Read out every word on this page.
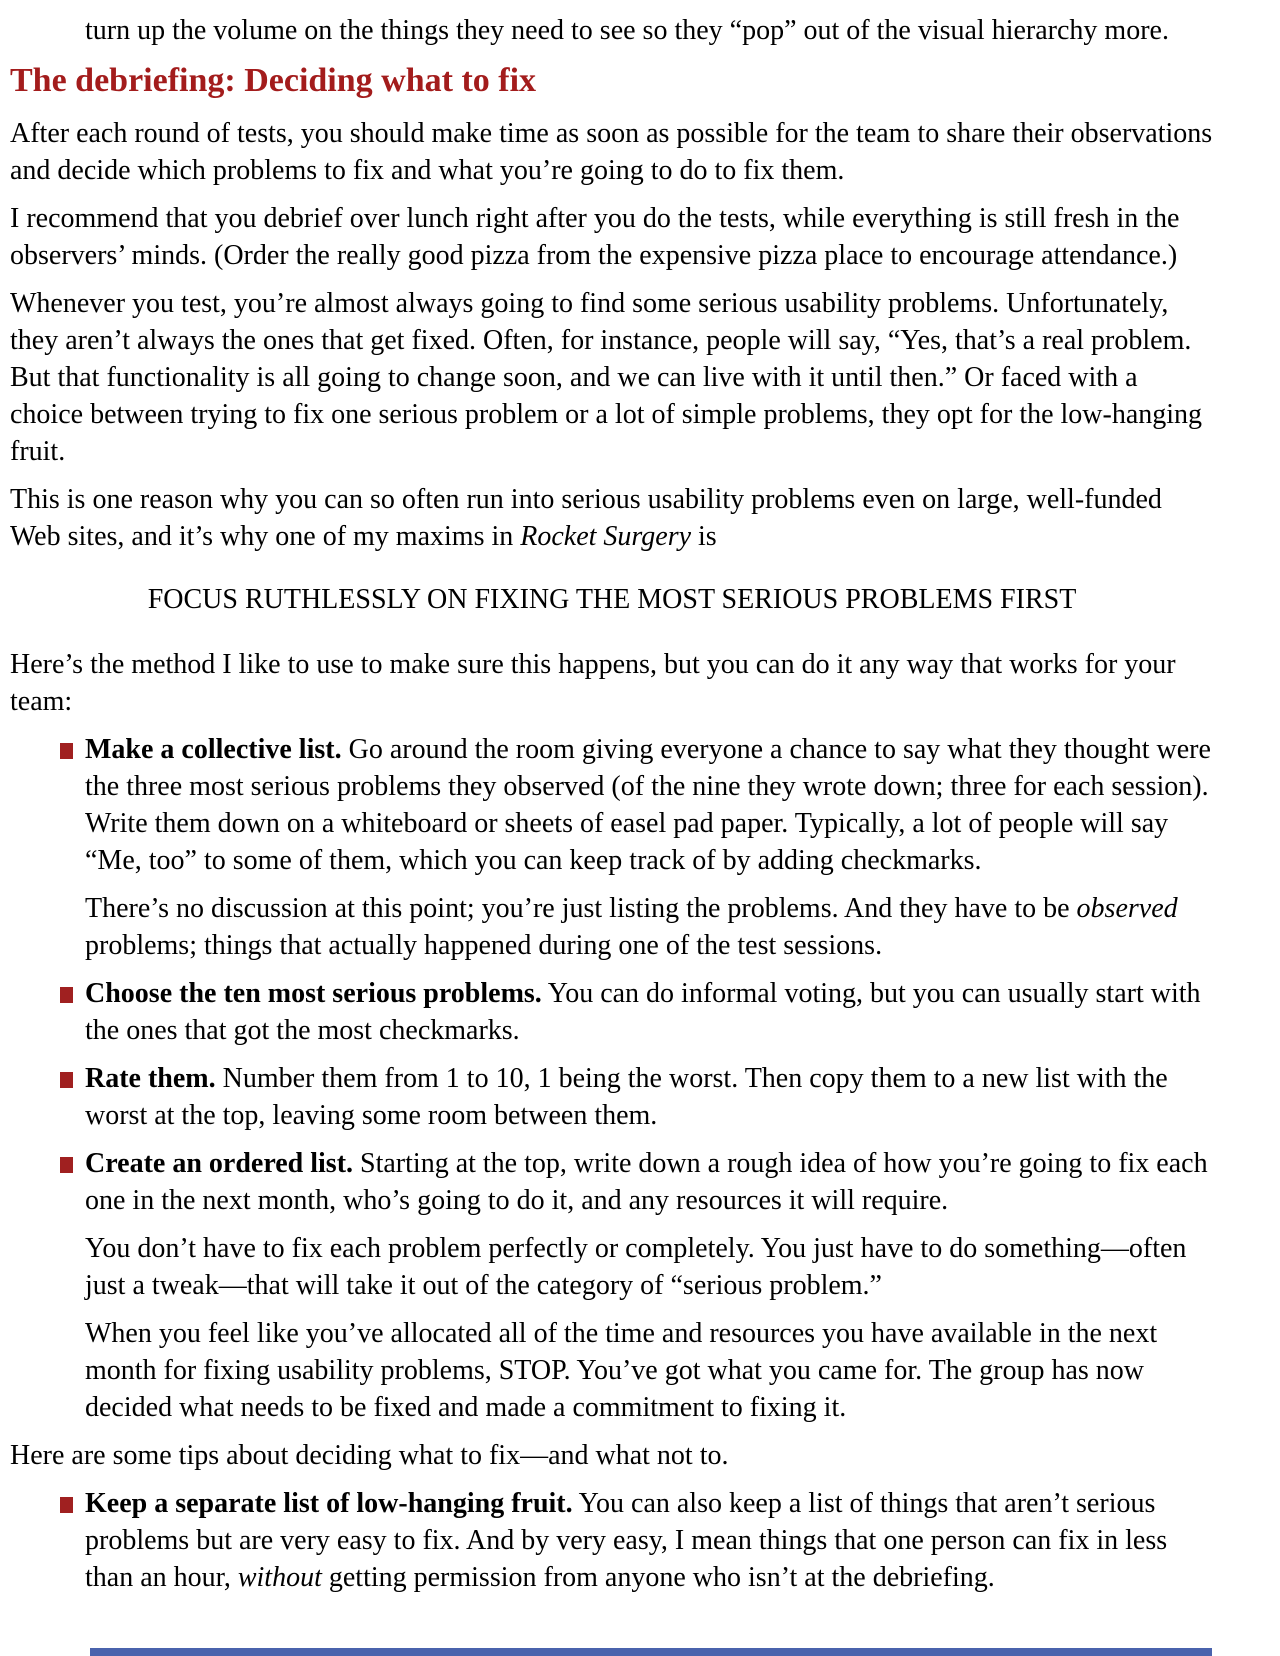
turn up the volume on the things they need to see so they “pop” out of the visual hierarchy more.
The debriefing: Deciding what to fix
After each round of tests, you should make time as soon as possible for the team to share their observations and decide which problems to fix and what you’re going to do to fix them.
I recommend that you debrief over lunch right after you do the tests, while everything is still fresh in the observers’ minds. (Order the really good pizza from the expensive pizza place to encourage attendance.)
Whenever you test, you’re almost always going to find some serious usability problems. Unfortunately, they aren’t always the ones that get fixed. Often, for instance, people will say, “Yes, that’s a real problem. But that functionality is all going to change soon, and we can live with it until then.” Or faced with a choice between trying to fix one serious problem or a lot of simple problems, they opt for the low-hanging fruit.
This is one reason why you can so often run into serious usability problems even on large, well-funded Web sites, and it’s why one of my maxims in Rocket Surgery is
FOCUS RUTHLESSLY ON FIXING THE MOST SERIOUS PROBLEMS FIRST
Here’s the method I like to use to make sure this happens, but you can do it any way that works for your team:
Make a collective list. Go around the room giving everyone a chance to say what they thought were the three most serious problems they observed (of the nine they wrote down; three for each session). Write them down on a whiteboard or sheets of easel pad paper. Typically, a lot of people will say “Me, too” to some of them, which you can keep track of by adding checkmarks.
There’s no discussion at this point; you’re just listing the problems. And they have to be observed problems; things that actually happened during one of the test sessions.
Choose the ten most serious problems. You can do informal voting, but you can usually start with the ones that got the most checkmarks.
Rate them. Number them from 1 to 10, 1 being the worst. Then copy them to a new list with the worst at the top, leaving some room between them.
Create an ordered list. Starting at the top, write down a rough idea of how you’re going to fix each one in the next month, who’s going to do it, and any resources it will require.
You don’t have to fix each problem perfectly or completely. You just have to do something—often just a tweak—that will take it out of the category of “serious problem.”
When you feel like you’ve allocated all of the time and resources you have available in the next month for fixing usability problems, STOP. You’ve got what you came for. The group has now decided what needs to be fixed and made a commitment to fixing it.
Here are some tips about deciding what to fix—and what not to.
Keep a separate list of low-hanging fruit. You can also keep a list of things that aren’t serious problems but are very easy to fix. And by very easy, I mean things that one person can fix in less than an hour, without getting permission from anyone who isn’t at the debriefing.
